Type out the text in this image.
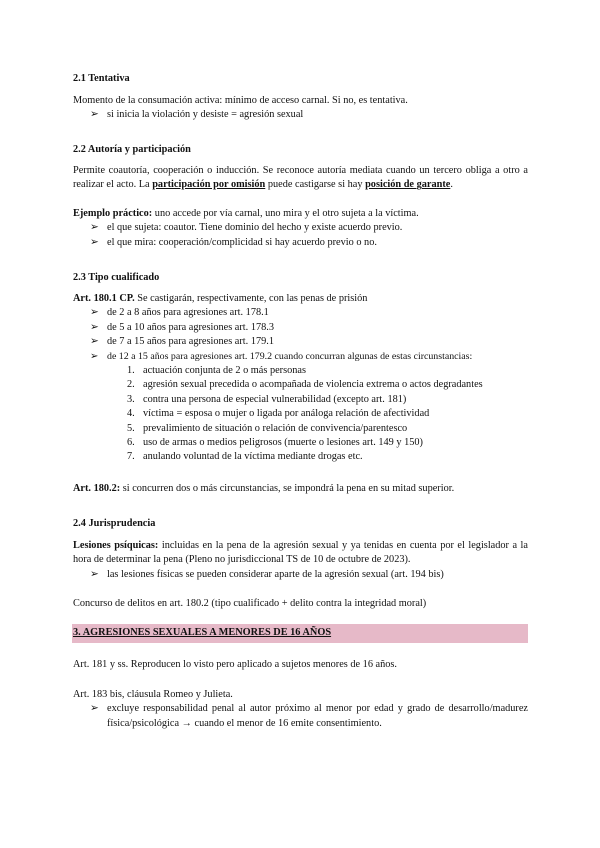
2.1 Tentativa

Momento de la consumación activa: mínimo de acceso carnal. Si no, es tentativa.

➢ si inicia la violación y desiste = agresión sexual
2.2 Autoría y participación

Permite coautoría, cooperación o inducción. Se reconoce autoría mediata cuando un tercero obliga a otro a realizar el acto. La participación por omisión puede castigarse si hay posición de garante.

Ejemplo práctico: uno accede por vía carnal, uno mira y el otro sujeta a la víctima.

➢ el que sujeta: coautor. Tiene dominio del hecho y existe acuerdo previo.
➢ el que mira: cooperación/complicidad si hay acuerdo previo o no.
2.3 Tipo cualificado

Art. 180.1 CP. Se castigarán, respectivamente, con las penas de prisión

➢ de 2 a 8 años para agresiones art. 178.1
➢ de 5 a 10 años para agresiones art. 178.3
➢ de 7 a 15 años para agresiones art. 179.1
➢ de 12 a 15 años para agresiones art. 179.2 cuando concurran algunas de estas circunstancias:
1. actuación conjunta de 2 o más personas
2. agresión sexual precedida o acompañada de violencia extrema o actos degradantes
3. contra una persona de especial vulnerabilidad (excepto art. 181)
4. víctima = esposa o mujer o ligada por análoga relación de afectividad
5. prevalimiento de situación o relación de convivencia/parentesco
6. uso de armas o medios peligrosos (muerte o lesiones art. 149 y 150)
7. anulando voluntad de la víctima mediante drogas etc.

Art. 180.2: si concurren dos o más circunstancias, se impondrá la pena en su mitad superior.

2.4 Jurisprudencia

Lesiones psíquicas: incluidas en la pena de la agresión sexual y ya tenidas en cuenta por el legislador a la hora de determinar la pena (Pleno no jurisdiccional TS de 10 de octubre de 2023).

➢ las lesiones físicas se pueden considerar aparte de la agresión sexual (art. 194 bis)
Concurso de delitos en art. 180.2 (tipo cualificado + delito contra la integridad moral)
3. AGRESIONES SEXUALES A MENORES DE 16 AÑOS
Art. 181 y ss. Reproducen lo visto pero aplicado a sujetos menores de 16 años.

Art. 183 bis, cláusula Romeo y Julieta.

➢ excluye responsabilidad penal al autor próximo al menor por edad y grado de desarrollo/madurez física/psicológica → cuando el menor de 16 emite consentimiento.
